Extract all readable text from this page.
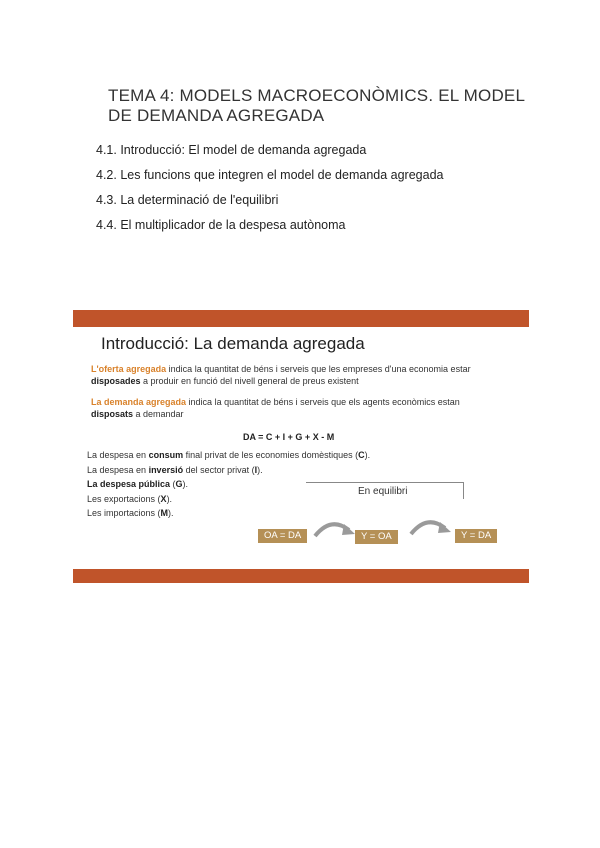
TEMA 4: MODELS MACROECONÒMICS. EL MODEL
DE DEMANDA AGREGADA
4.1. Introducció: El model de demanda agregada
4.2. Les funcions que integren el model de demanda agregada
4.3. La determinació de l'equilibri
4.4. El multiplicador de la despesa autònoma
Introducció: La demanda agregada
L'oferta agregada indica la quantitat de béns i serveis que les empreses d'una economia estar disposades a produir en funció del nivell general de preus existent
La demanda agregada indica la quantitat de béns i serveis que els agents econòmics estan disposats a demandar
DA = C + I + G + X - M
La despesa en consum final privat de les economies domèstiques (C).
La despesa en inversió del sector privat (I).
La despesa pública (G).
Les exportacions (X).
Les importacions (M).
En equilibri
OA = DA	Y = OA	Y = DA
